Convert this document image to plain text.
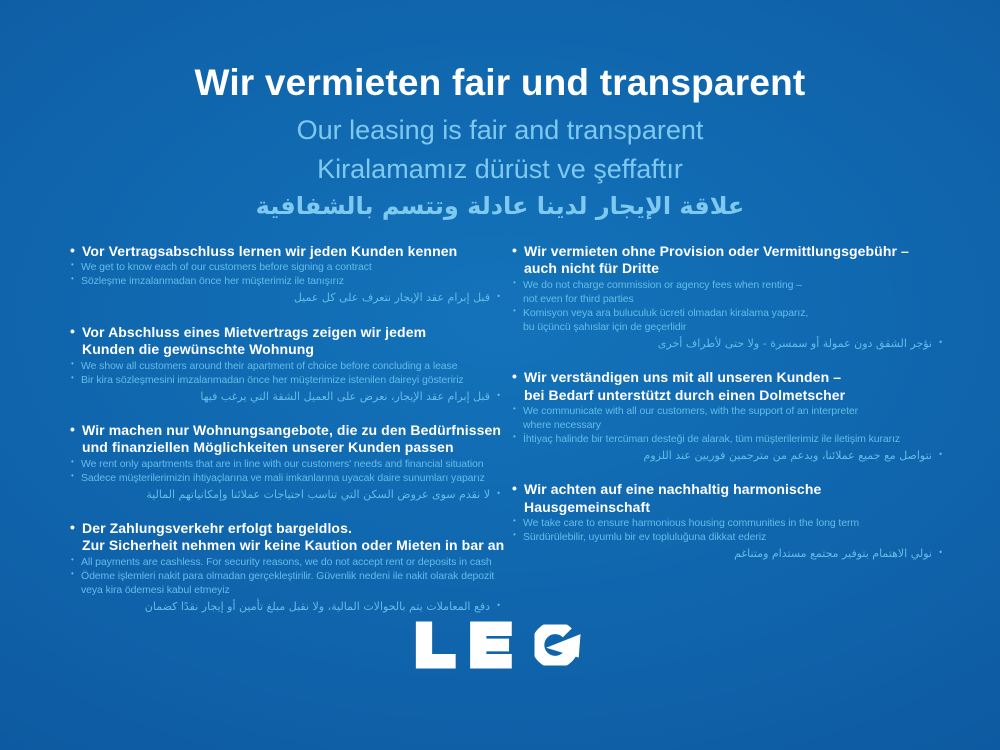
Wir vermieten fair und transparent
Our leasing is fair and transparent
Kiralamamız dürüst ve şeffaftır
علاقة الإيجار لدينا عادلة وتتسم بالشفافية
• Vor Vertragsabschluss lernen wir jeden Kunden kennen
• We get to know each of our customers before signing a contract
• Sözleşme imzalanmadan önce her müşterimiz ile tanışırız
•
قبل إبرام عقد الإيجار نتعرف على كل عميل
• Vor Abschluss eines Mietvertrags zeigen wir jedem
Kunden die gewünschte Wohnung
• We show all customers around their apartment of choice before concluding a lease
• Bir kira sözleşmesini imzalanmadan önce her müşterimize istenilen daireyi gösteririz
•
قبل إبرام عقد الإيجار، نعرض على العميل الشقة التي يرغب فيها
• Wir machen nur Wohnungsangebote, die zu den Bedürfnissen
und finanziellen Möglichkeiten unserer Kunden passen
• We rent only apartments that are in line with our customers' needs and financial situation
• Sadece müşterilerimizin ihtiyaçlarına ve mali imkanlarına uyacak daire sunumları yaparız
•
لا نقدم سوى عروض السكن التي تناسب احتياجات عملائنا وإمكانياتهم المالية
• Der Zahlungsverkehr erfolgt bargeldlos.
Zur Sicherheit nehmen wir keine Kaution oder Mieten in bar an
• All payments are cashless. For security reasons, we do not accept rent or deposits in cash
• Ödeme işlemleri nakit para olmadan gerçekleştirilir. Güvenlik nedeni ile nakit olarak depozit
veya kira ödemesi kabul etmeyiz
•
دفع المعاملات يتم بالحوالات المالية، ولا نقبل مبلغ تأمين أو إيجار نقدًا كضمان
• Wir vermieten ohne Provision oder Vermittlungsgebühr –
auch nicht für Dritte
• We do not charge commission or agency fees when renting –
not even for third parties
• Komisyon veya ara buluculuk ücreti olmadan kiralama yaparız,
bu üçüncü şahıslar için de geçerlidir
•
نؤجر الشقق دون عمولة أو سمسرة - ولا حتى لأطراف أخرى
• Wir verständigen uns mit all unseren Kunden –
bei Bedarf unterstützt durch einen Dolmetscher
• We communicate with all our customers, with the support of an interpreter
where necessary
• İhtiyaç halinde bir tercüman desteği de alarak, tüm müşterilerimiz ile iletişim kurarız
•
نتواصل مع جميع عملائنا، وبدعم من مترجمين فوريين عند اللزوم
• Wir achten auf eine nachhaltig harmonische
Hausgemeinschaft
• We take care to ensure harmonious housing communities in the long term
• Sürdürülebilir, uyumlu bir ev topluluğuna dikkat ederiz
•
نولي الاهتمام بتوفير مجتمع مستدام ومتناغم
